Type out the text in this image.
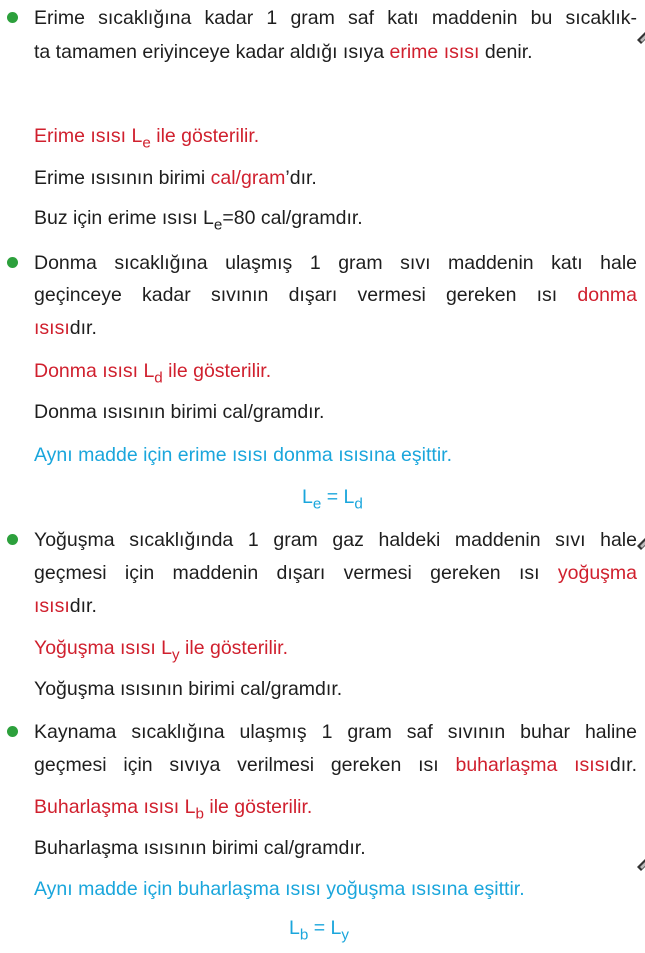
Erime sıcaklığına kadar 1 gram saf katı maddenin bu sıcaklık-
ta tamamen eriyinceye kadar aldığı ısıya erime ısısı denir.
Erime ısısı $L_e$ ile gösterilir.
Erime ısısının birimi cal/gram’dır.
Buz için erime ısısı $L_e=80$ cal/gramdır.
Donma sıcaklığına ulaşmış 1 gram sıvı maddenin katı hale
geçinceye kadar sıvının dışarı vermesi gereken ısı donma
ısısıdır.
Donma ısısı $L_d$ ile gösterilir.
Donma ısısının birimi cal/gramdır.
Aynı madde için erime ısısı donma ısısına eşittir.
$L_e = L_d$
Yoğuşma sıcaklığında 1 gram gaz haldeki maddenin sıvı hale
geçmesi için maddenin dışarı vermesi gereken ısı yoğuşma
ısısıdır.
Yoğuşma ısısı $L_y$ ile gösterilir.
Yoğuşma ısısının birimi cal/gramdır.
Kaynama sıcaklığına ulaşmış 1 gram saf sıvının buhar haline
geçmesi için sıvıya verilmesi gereken ısı buharlaşma ısısıdır.
Buharlaşma ısısı $L_b$ ile gösterilir.
Buharlaşma ısısının birimi cal/gramdır.
Aynı madde için buharlaşma ısısı yoğuşma ısısına eşittir.
$L_b = L_y$
